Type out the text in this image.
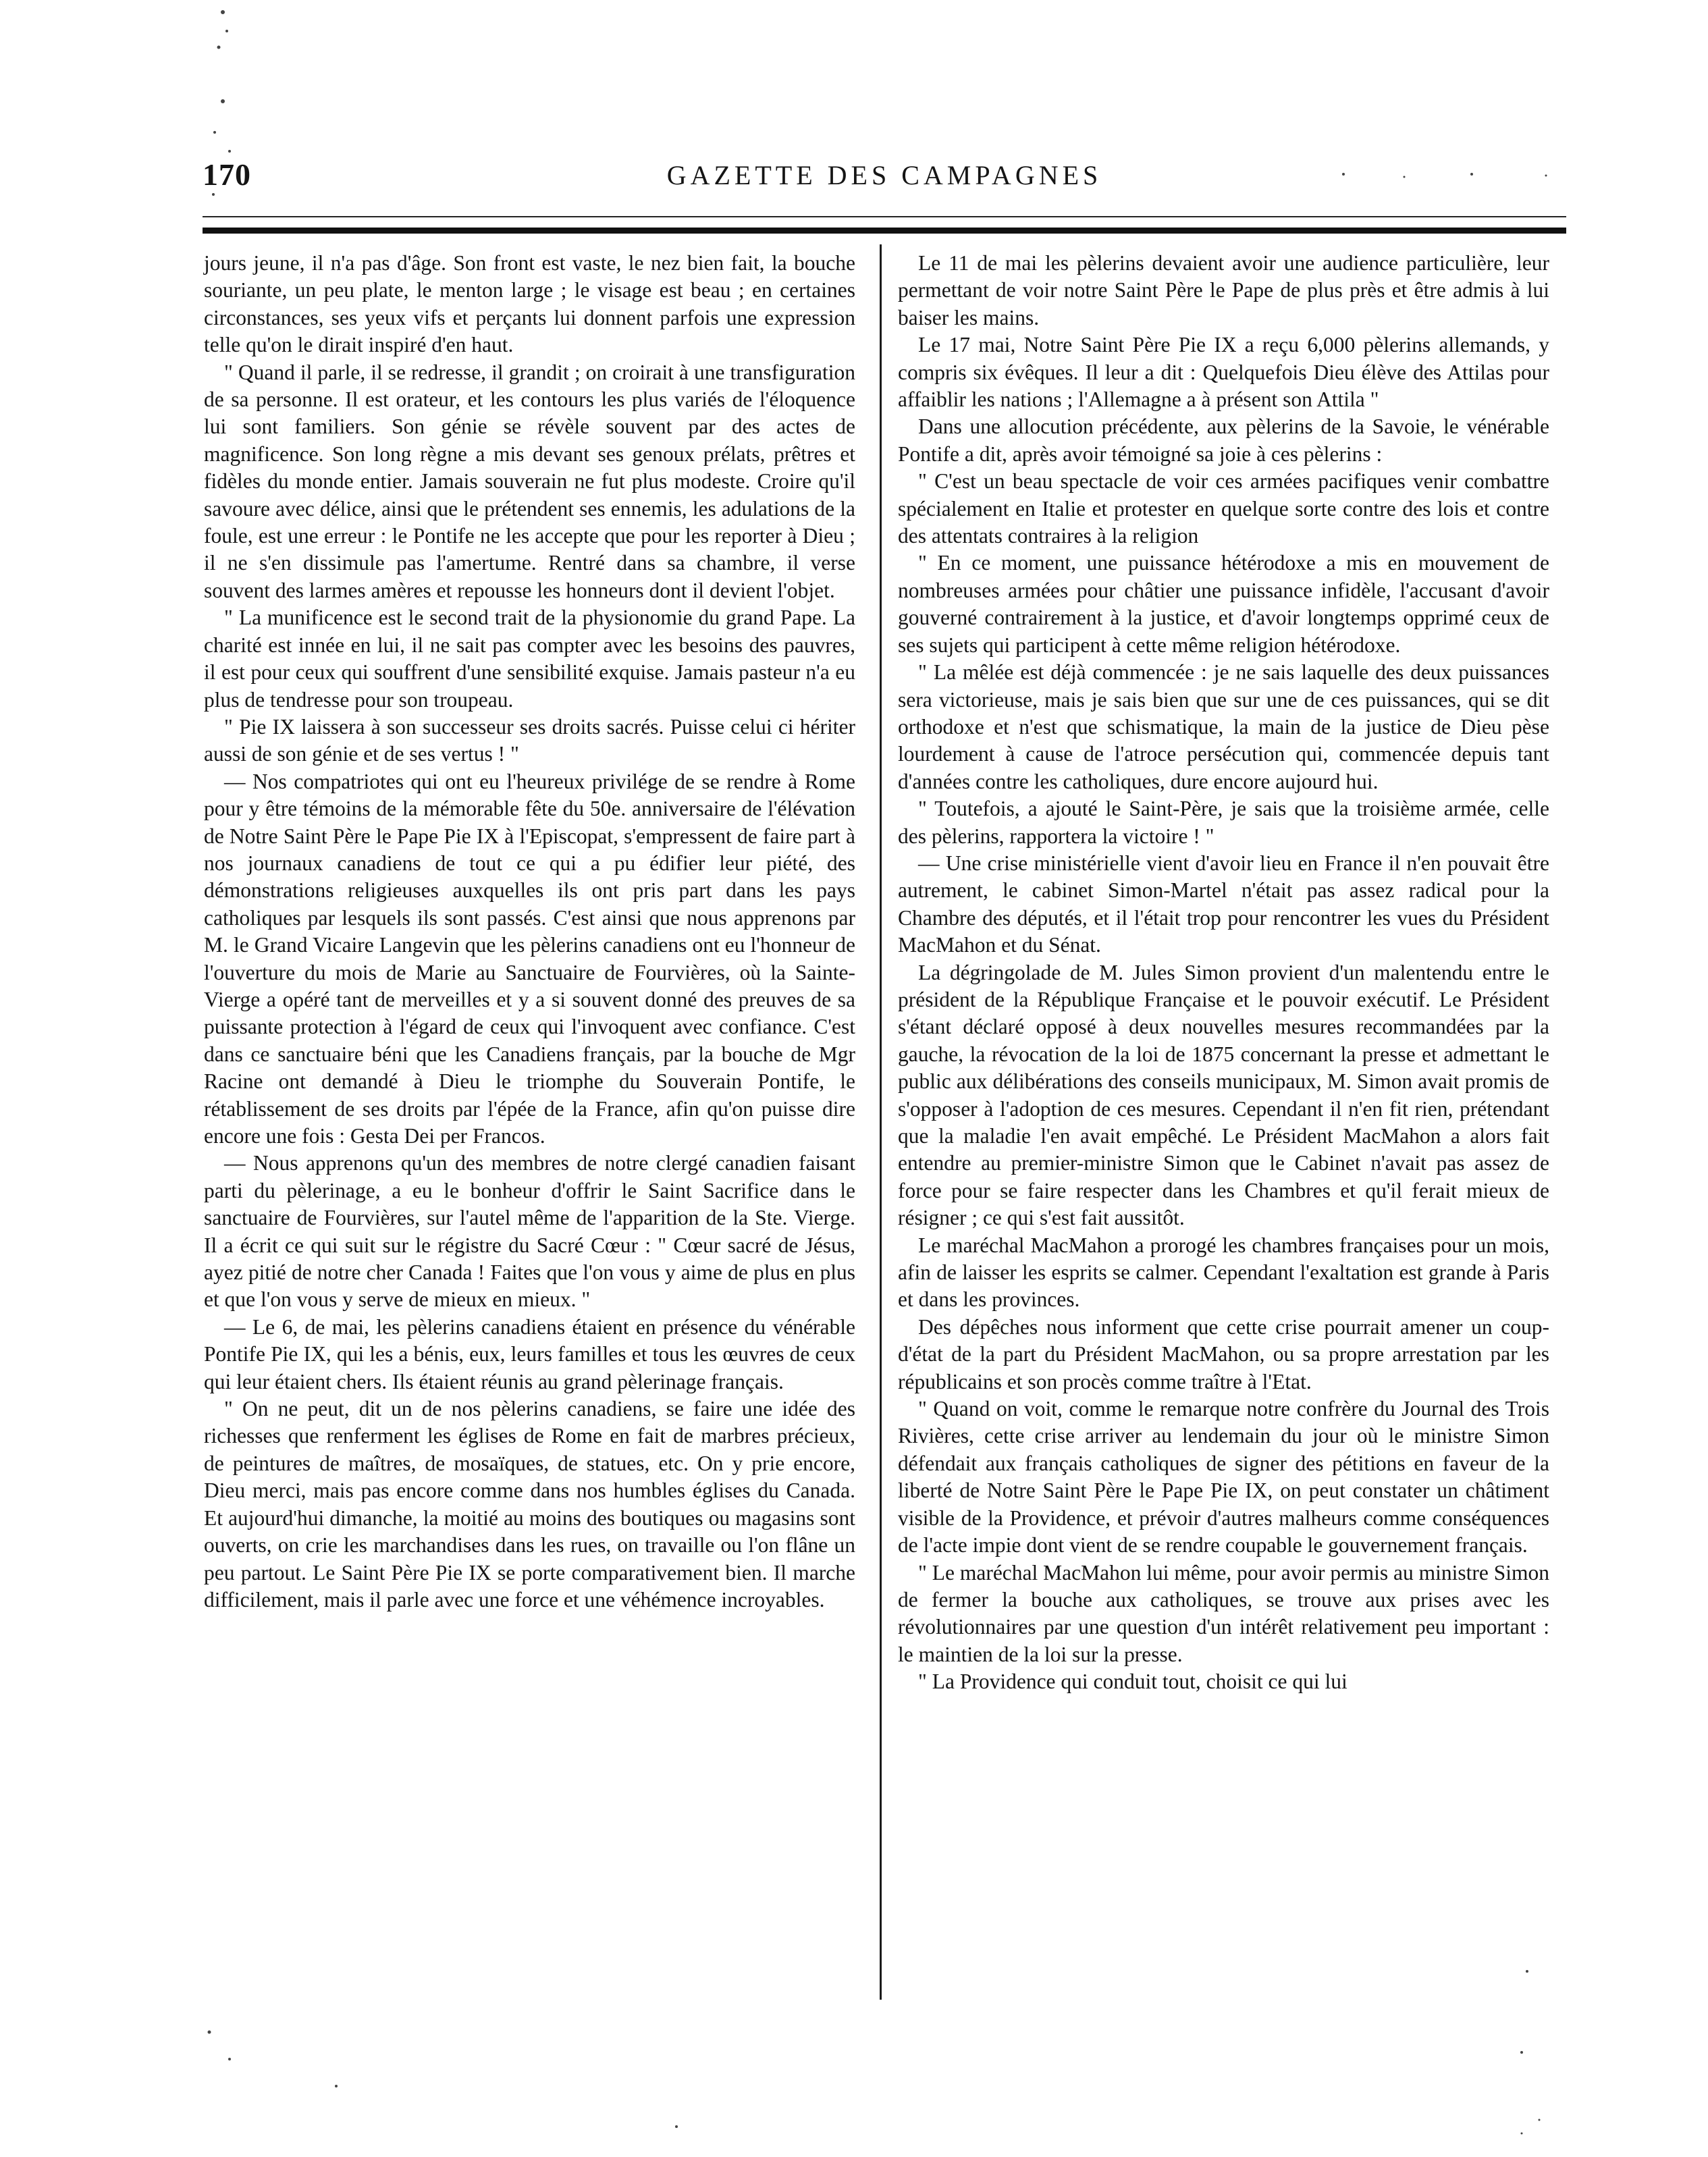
170	GAZETTE DES CAMPAGNES

jours jeune, il n'a pas d'âge. Son front est vaste, le nez bien fait, la bouche souriante, un peu plate, le menton large ; le visage est beau ; en certaines circonstances, ses yeux vifs et perçants lui donnent parfois une expression telle qu'on le dirait inspiré d'en haut.

" Quand il parle, il se redresse, il grandit ; on croirait à une transfiguration de sa personne. Il est orateur, et les contours les plus variés de l'éloquence lui sont familiers. Son génie se révèle souvent par des actes de magnificence. Son long règne a mis devant ses genoux prélats, prêtres et fidèles du monde entier. Jamais souverain ne fut plus modeste. Croire qu'il savoure avec délice, ainsi que le prétendent ses ennemis, les adulations de la foule, est une erreur : le Pontife ne les accepte que pour les reporter à Dieu ; il ne s'en dissimule pas l'amertume. Rentré dans sa chambre, il verse souvent des larmes amères et repousse les honneurs dont il devient l'objet.

" La munificence est le second trait de la physionomie du grand Pape. La charité est innée en lui, il ne sait pas compter avec les besoins des pauvres, il est pour ceux qui souffrent d'une sensibilité exquise. Jamais pasteur n'a eu plus de tendresse pour son troupeau.

" Pie IX laissera à son successeur ses droits sacrés. Puisse celui ci hériter aussi de son génie et de ses vertus ! "

— Nos compatriotes qui ont eu l'heureux privilége de se rendre à Rome pour y être témoins de la mémorable fête du 50e. anniversaire de l'élévation de Notre Saint Père le Pape Pie IX à l'Episcopat, s'empressent de faire part à nos journaux canadiens de tout ce qui a pu édifier leur piété, des démonstrations religieuses auxquelles ils ont pris part dans les pays catholiques par lesquels ils sont passés. C'est ainsi que nous apprenons par M. le Grand Vicaire Langevin que les pèlerins canadiens ont eu l'honneur de l'ouverture du mois de Marie au Sanctuaire de Fourvières, où la Sainte-Vierge a opéré tant de merveilles et y a si souvent donné des preuves de sa puissante protection à l'égard de ceux qui l'invoquent avec confiance. C'est dans ce sanctuaire béni que les Canadiens français, par la bouche de Mgr Racine ont demandé à Dieu le triomphe du Souverain Pontife, le rétablissement de ses droits par l'épée de la France, afin qu'on puisse dire encore une fois : Gesta Dei per Francos.

— Nous apprenons qu'un des membres de notre clergé canadien faisant parti du pèlerinage, a eu le bonheur d'offrir le Saint Sacrifice dans le sanctuaire de Fourvières, sur l'autel même de l'apparition de la Ste. Vierge. Il a écrit ce qui suit sur le régistre du Sacré Cœur : " Cœur sacré de Jésus, ayez pitié de notre cher Canada ! Faites que l'on vous y aime de plus en plus et que l'on vous y serve de mieux en mieux. "

— Le 6, de mai, les pèlerins canadiens étaient en présence du vénérable Pontife Pie IX, qui les a bénis, eux, leurs familles et tous les œuvres de ceux qui leur étaient chers. Ils étaient réunis au grand pèlerinage français.

" On ne peut, dit un de nos pèlerins canadiens, se faire une idée des richesses que renferment les églises de Rome en fait de marbres précieux, de peintures de maîtres, de mosaïques, de statues, etc. On y prie encore, Dieu merci, mais pas encore comme dans nos humbles églises du Canada. Et aujourd'hui dimanche, la moitié au moins des boutiques ou magasins sont ouverts, on crie les marchandises dans les rues, on travaille ou l'on flâne un peu partout. Le Saint Père Pie IX se porte comparativement bien. Il marche difficilement, mais il parle avec une force et une véhémence incroyables.

Le 11 de mai les pèlerins devaient avoir une audience particulière, leur permettant de voir notre Saint Père le Pape de plus près et être admis à lui baiser les mains.

Le 17 mai, Notre Saint Père Pie IX a reçu 6,000 pèlerins allemands, y compris six évêques. Il leur a dit : Quelquefois Dieu élève des Attilas pour affaiblir les nations ; l'Allemagne a à présent son Attila "

Dans une allocution précédente, aux pèlerins de la Savoie, le vénérable Pontife a dit, après avoir témoigné sa joie à ces pèlerins :

" C'est un beau spectacle de voir ces armées pacifiques venir combattre spécialement en Italie et protester en quelque sorte contre des lois et contre des attentats contraires à la religion

" En ce moment, une puissance hétérodoxe a mis en mouvement de nombreuses armées pour châtier une puissance infidèle, l'accusant d'avoir gouverné contrairement à la justice, et d'avoir longtemps opprimé ceux de ses sujets qui participent à cette même religion hétérodoxe.

" La mêlée est déjà commencée : je ne sais laquelle des deux puissances sera victorieuse, mais je sais bien que sur une de ces puissances, qui se dit orthodoxe et n'est que schismatique, la main de la justice de Dieu pèse lourdement à cause de l'atroce persécution qui, commencée depuis tant d'années contre les catholiques, dure encore aujourd hui.

" Toutefois, a ajouté le Saint-Père, je sais que la troisième armée, celle des pèlerins, rapportera la victoire ! "

— Une crise ministérielle vient d'avoir lieu en France il n'en pouvait être autrement, le cabinet Simon-Martel n'était pas assez radical pour la Chambre des députés, et il l'était trop pour rencontrer les vues du Président MacMahon et du Sénat.

La dégringolade de M. Jules Simon provient d'un malentendu entre le président de la République Française et le pouvoir exécutif. Le Président s'étant déclaré opposé à deux nouvelles mesures recommandées par la gauche, la révocation de la loi de 1875 concernant la presse et admettant le public aux délibérations des conseils municipaux, M. Simon avait promis de s'opposer à l'adoption de ces mesures. Cependant il n'en fit rien, prétendant que la maladie l'en avait empêché. Le Président MacMahon a alors fait entendre au premier-ministre Simon que le Cabinet n'avait pas assez de force pour se faire respecter dans les Chambres et qu'il ferait mieux de résigner ; ce qui s'est fait aussitôt.

Le maréchal MacMahon a prorogé les chambres françaises pour un mois, afin de laisser les esprits se calmer. Cependant l'exaltation est grande à Paris et dans les provinces.

Des dépêches nous informent que cette crise pourrait amener un coup-d'état de la part du Président MacMahon, ou sa propre arrestation par les républicains et son procès comme traître à l'Etat.

" Quand on voit, comme le remarque notre confrère du Journal des Trois Rivières, cette crise arriver au lendemain du jour où le ministre Simon défendait aux français catholiques de signer des pétitions en faveur de la liberté de Notre Saint Père le Pape Pie IX, on peut constater un châtiment visible de la Providence, et prévoir d'autres malheurs comme conséquences de l'acte impie dont vient de se rendre coupable le gouvernement français.

" Le maréchal MacMahon lui même, pour avoir permis au ministre Simon de fermer la bouche aux catholiques, se trouve aux prises avec les révolutionnaires par une question d'un intérêt relativement peu important : le maintien de la loi sur la presse.

" La Providence qui conduit tout, choisit ce qui lui
